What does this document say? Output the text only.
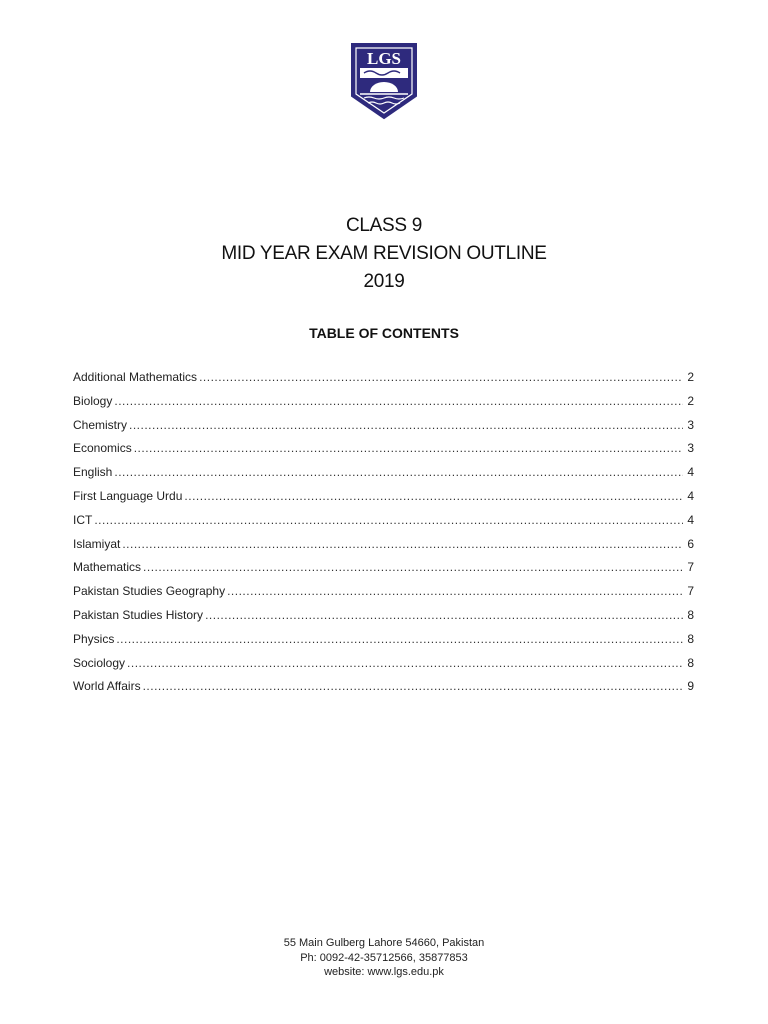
LGS
CLASS 9
MID YEAR EXAM REVISION OUTLINE
2019
TABLE OF CONTENTS
Additional Mathematics .....	2
Biology .....	2
Chemistry .....	3
Economics .....	3
English .....	4
First Language Urdu .....	4
ICT .....	4
Islamiyat .....	6
Mathematics .....	7
Pakistan Studies Geography .....	7
Pakistan Studies History .....	8
Physics .....	8
Sociology .....	8
World Affairs .....	9
55 Main Gulberg Lahore 54660, Pakistan
Ph: 0092-42-35712566, 35877853
website: www.lgs.edu.pk
